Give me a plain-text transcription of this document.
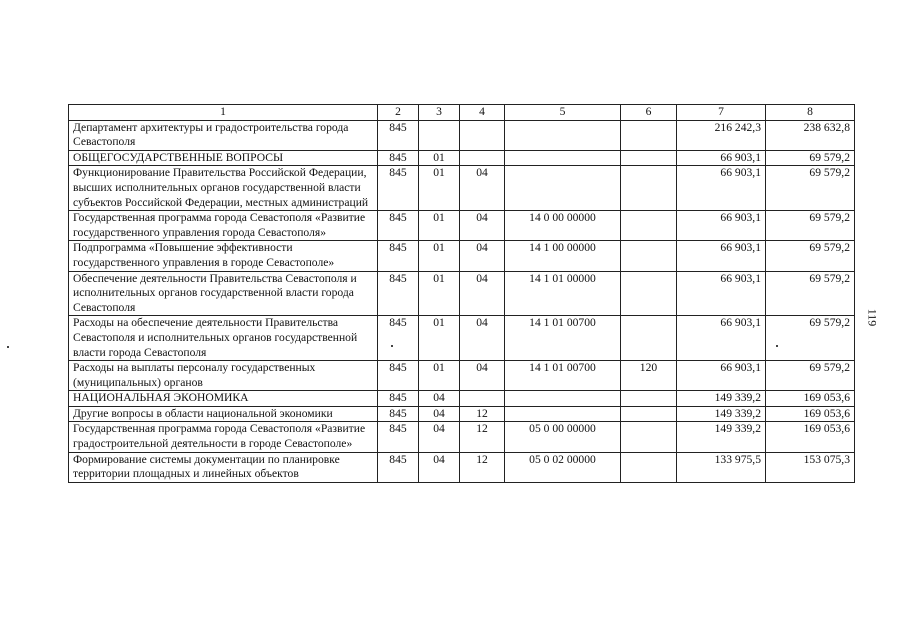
1	2	3	4	5	6	7	8
Департамент архитектуры и градостроительства города Севастополя	845					216 242,3	238 632,8
ОБЩЕГОСУДАРСТВЕННЫЕ ВОПРОСЫ	845	01				66 903,1	69 579,2
Функционирование Правительства Российской Федерации, высших исполнительных органов государственной власти субъектов Российской Федерации, местных администраций	845	01	04			66 903,1	69 579,2
Государственная программа города Севастополя «Развитие государственного управления города Севастополя»	845	01	04	14 0 00 00000		66 903,1	69 579,2
Подпрограмма «Повышение эффективности государственного управления в городе Севастополе»	845	01	04	14 1 00 00000		66 903,1	69 579,2
Обеспечение деятельности Правительства Севастополя и исполнительных органов государственной власти города Севастополя	845	01	04	14 1 01 00000		66 903,1	69 579,2
Расходы на обеспечение деятельности Правительства Севастополя и исполнительных органов государственной власти города Севастополя	845	01	04	14 1 01 00700		66 903,1	69 579,2
Расходы на выплаты персоналу государственных (муниципальных) органов	845	01	04	14 1 01 00700	120	66 903,1	69 579,2
НАЦИОНАЛЬНАЯ ЭКОНОМИКА	845	04				149 339,2	169 053,6
Другие вопросы в области национальной экономики	845	04	12			149 339,2	169 053,6
Государственная программа города Севастополя «Развитие градостроительной деятельности в городе Севастополе»	845	04	12	05 0 00 00000		149 339,2	169 053,6
Формирование системы документации по планировке территории площадных и линейных объектов	845	04	12	05 0 02 00000		133 975,5	153 075,3
119
